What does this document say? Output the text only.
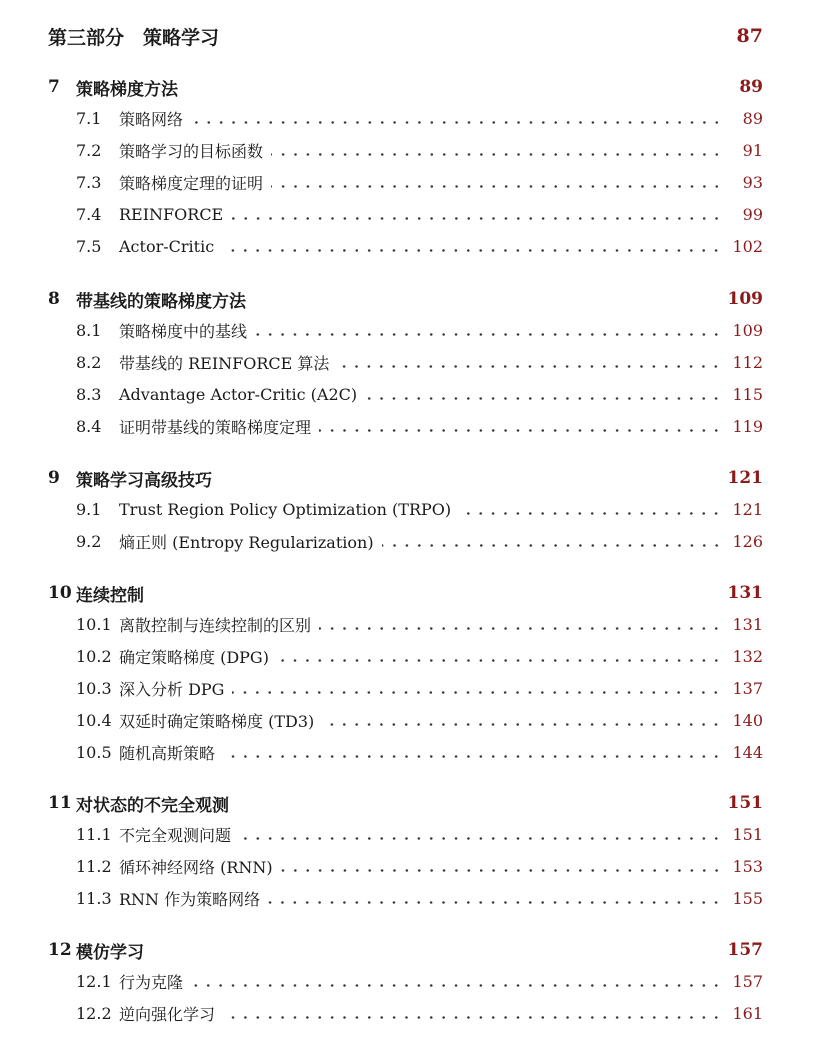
第三部分　策略学习	87
7 策略梯度方法	89
7.1	策略网络	89
7.2	策略学习的目标函数	91
7.3	策略梯度定理的证明	93
7.4	REINFORCE	99
7.5	Actor-Critic	102
8 带基线的策略梯度方法	109
8.1	策略梯度中的基线	109
8.2	带基线的 REINFORCE 算法	112
8.3	Advantage Actor-Critic (A2C)	115
8.4	证明带基线的策略梯度定理	119
9 策略学习高级技巧	121
9.1	Trust Region Policy Optimization (TRPO)	121
9.2	熵正则 (Entropy Regularization)	126
10 连续控制	131
10.1 离散控制与连续控制的区别	131
10.2 确定策略梯度 (DPG)	132
10.3 深入分析 DPG	137
10.4 双延时确定策略梯度 (TD3)	140
10.5 随机高斯策略	144
11 对状态的不完全观测	151
11.1 不完全观测问题	151
11.2 循环神经网络 (RNN)	153
11.3 RNN 作为策略网络	155
12 模仿学习	157
12.1 行为克隆	157
12.2 逆向强化学习	161
